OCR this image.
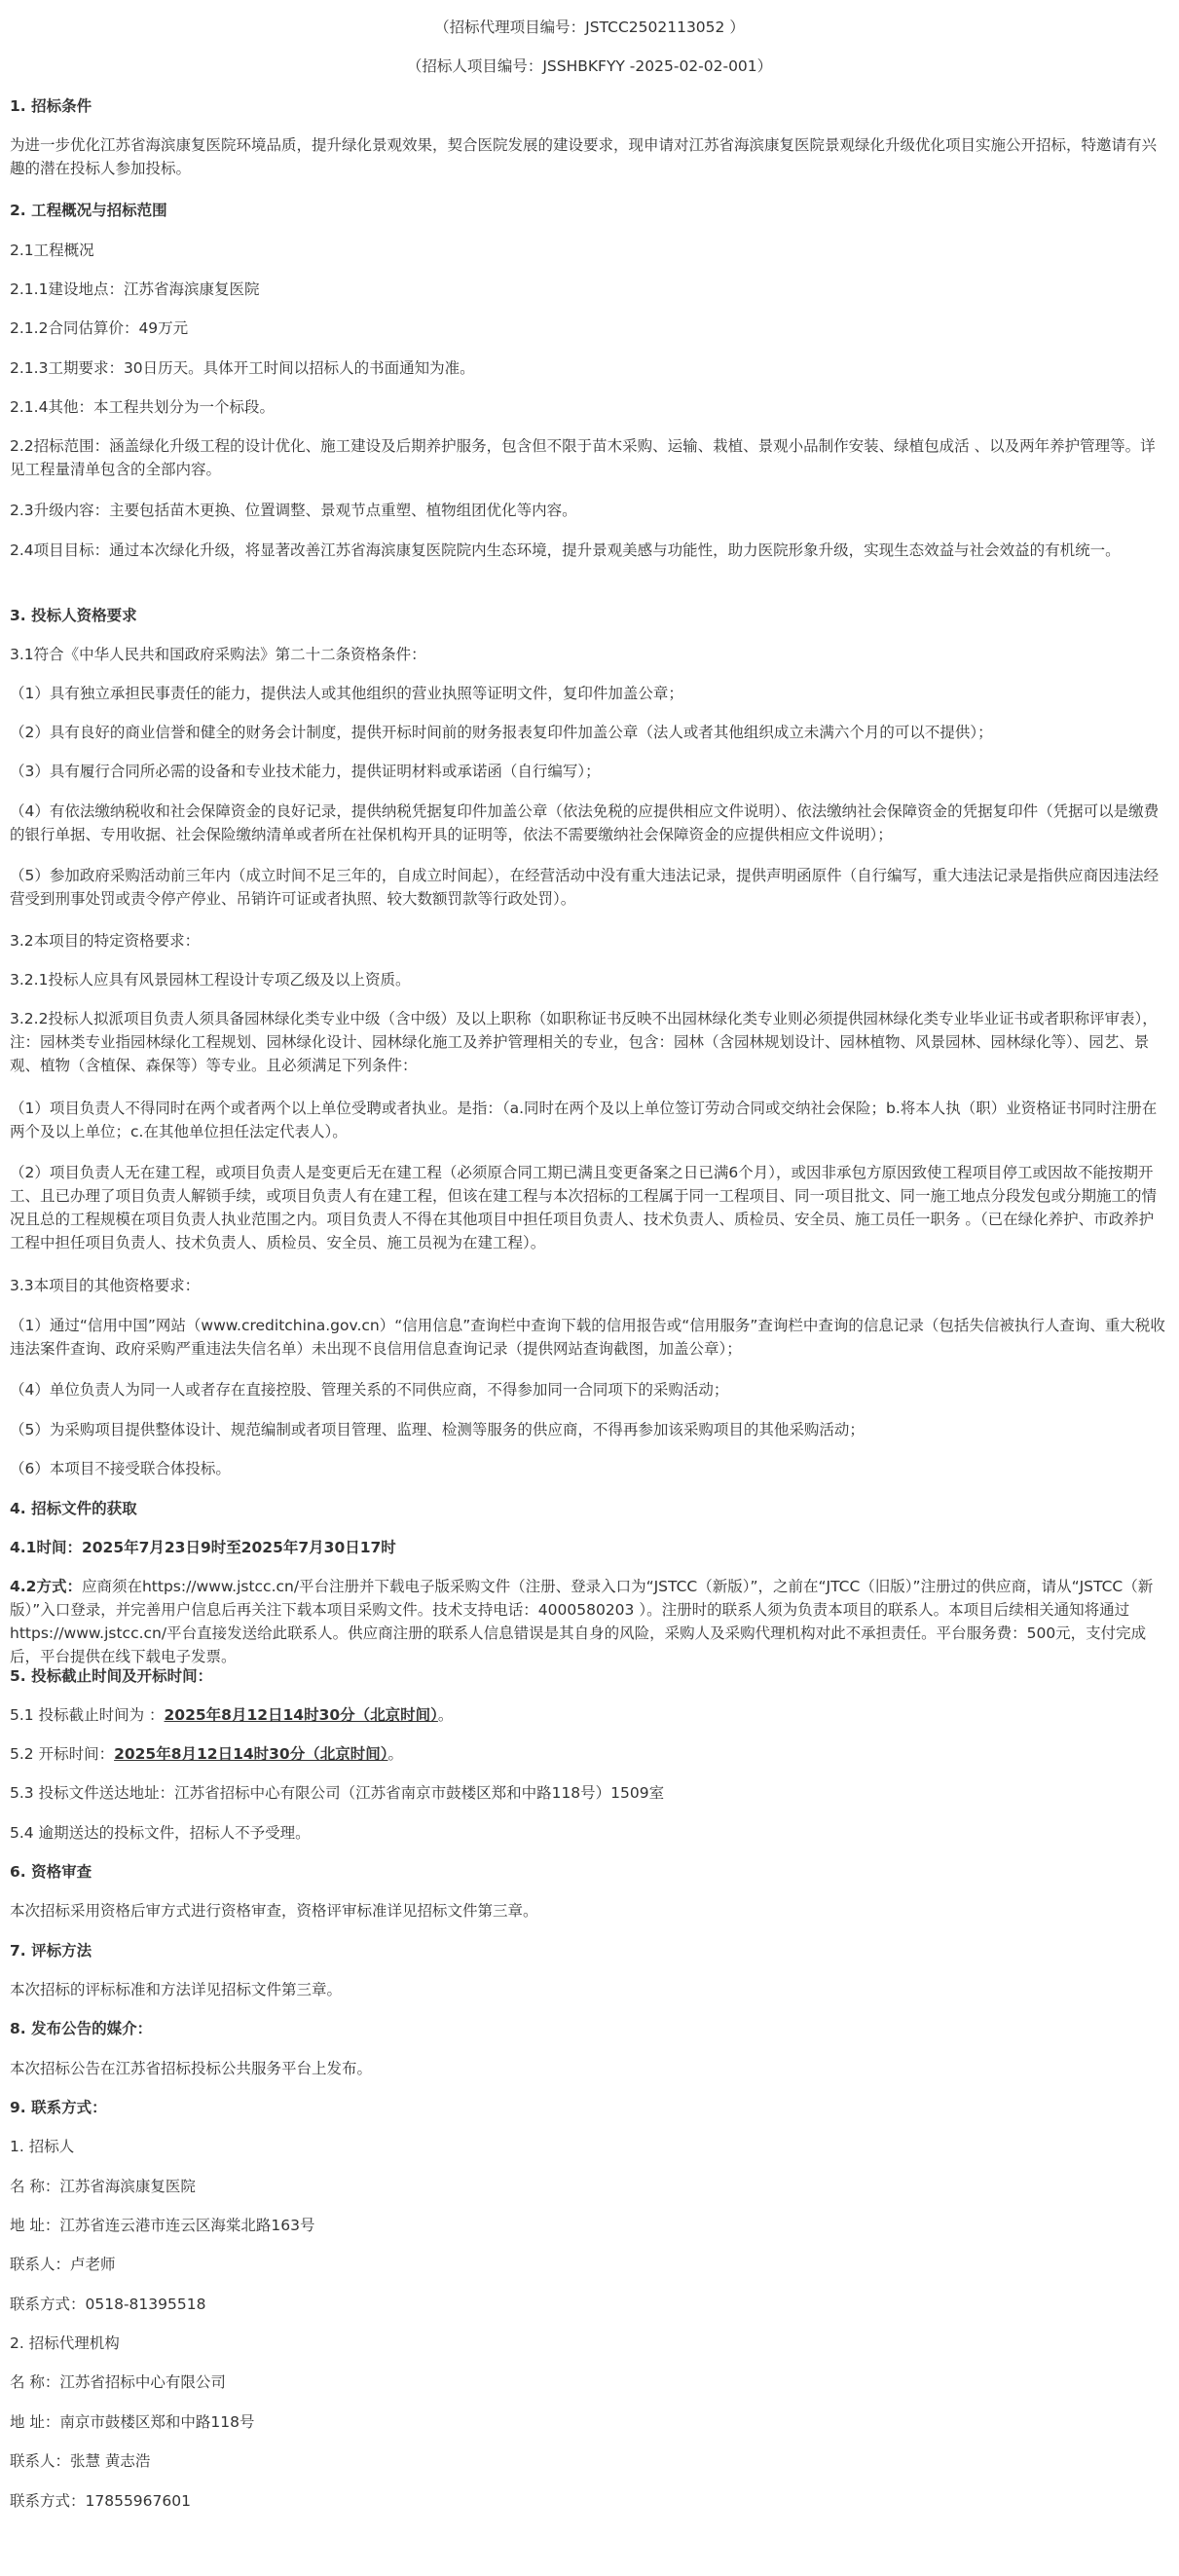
（招标代理项目编号：JSTCC2502113052 ）
（招标人项目编号：JSSHBKFYY -2025-02-02-001）
1. 招标条件
为进一步优化江苏省海滨康复医院环境品质，提升绿化景观效果，契合医院发展的建设要求，现申请对江苏省海滨康复医院景观绿化升级优化项目实施公开招标，特邀请有兴趣的潜在投标人参加投标。
2. 工程概况与招标范围
2.1工程概况
2.1.1建设地点：江苏省海滨康复医院
2.1.2合同估算价：49万元
2.1.3工期要求：30日历天。具体开工时间以招标人的书面通知为准。
2.1.4其他：本工程共划分为一个标段。
2.2招标范围：涵盖绿化升级工程的设计优化、施工建设及后期养护服务，包含但不限于苗木采购、运输、栽植、景观小品制作安装、绿植包成活 、以及两年养护管理等。详见工程量清单包含的全部内容。
2.3升级内容：主要包括苗木更换、位置调整、景观节点重塑、植物组团优化等内容。
2.4项目目标：通过本次绿化升级，将显著改善江苏省海滨康复医院院内生态环境，提升景观美感与功能性，助力医院形象升级，实现生态效益与社会效益的有机统一。
3. 投标人资格要求
3.1符合《中华人民共和国政府采购法》第二十二条资格条件：
（1）具有独立承担民事责任的能力，提供法人或其他组织的营业执照等证明文件，复印件加盖公章；
（2）具有良好的商业信誉和健全的财务会计制度，提供开标时间前的财务报表复印件加盖公章（法人或者其他组织成立未满六个月的可以不提供）；
（3）具有履行合同所必需的设备和专业技术能力，提供证明材料或承诺函（自行编写）；
（4）有依法缴纳税收和社会保障资金的良好记录，提供纳税凭据复印件加盖公章（依法免税的应提供相应文件说明）、依法缴纳社会保障资金的凭据复印件（凭据可以是缴费的银行单据、专用收据、社会保险缴纳清单或者所在社保机构开具的证明等，依法不需要缴纳社会保障资金的应提供相应文件说明）；
（5）参加政府采购活动前三年内（成立时间不足三年的，自成立时间起），在经营活动中没有重大违法记录，提供声明函原件（自行编写，重大违法记录是指供应商因违法经营受到刑事处罚或责令停产停业、吊销许可证或者执照、较大数额罚款等行政处罚）。
3.2本项目的特定资格要求：
3.2.1投标人应具有风景园林工程设计专项乙级及以上资质。
3.2.2投标人拟派项目负责人须具备园林绿化类专业中级（含中级）及以上职称（如职称证书反映不出园林绿化类专业则必须提供园林绿化类专业毕业证书或者职称评审表），注：园林类专业指园林绿化工程规划、园林绿化设计、园林绿化施工及养护管理相关的专业，包含：园林（含园林规划设计、园林植物、风景园林、园林绿化等）、园艺、景观、植物（含植保、森保等）等专业。且必须满足下列条件：
（1）项目负责人不得同时在两个或者两个以上单位受聘或者执业。是指：（a.同时在两个及以上单位签订劳动合同或交纳社会保险；b.将本人执（职）业资格证书同时注册在两个及以上单位；c.在其他单位担任法定代表人）。
（2）项目负责人无在建工程，或项目负责人是变更后无在建工程（必须原合同工期已满且变更备案之日已满6个月），或因非承包方原因致使工程项目停工或因故不能按期开工、且已办理了项目负责人解锁手续，或项目负责人有在建工程，但该在建工程与本次招标的工程属于同一工程项目、同一项目批文、同一施工地点分段发包或分期施工的情况且总的工程规模在项目负责人执业范围之内。项目负责人不得在其他项目中担任项目负责人、技术负责人、质检员、安全员、施工员任一职务 。（已在绿化养护、市政养护工程中担任项目负责人、技术负责人、质检员、安全员、施工员视为在建工程）。
3.3本项目的其他资格要求：
（1）通过“信用中国”网站（www.creditchina.gov.cn）“信用信息”查询栏中查询下载的信用报告或“信用服务”查询栏中查询的信息记录（包括失信被执行人查询、重大税收违法案件查询、政府采购严重违法失信名单）未出现不良信用信息查询记录（提供网站查询截图，加盖公章）；
（4）单位负责人为同一人或者存在直接控股、管理关系的不同供应商，不得参加同一合同项下的采购活动；
（5）为采购项目提供整体设计、规范编制或者项目管理、监理、检测等服务的供应商，不得再参加该采购项目的其他采购活动；
（6）本项目不接受联合体投标。
4. 招标文件的获取
4.1时间：2025年7月23日9时至2025年7月30日17时
4.2方式：应商须在https://www.jstcc.cn/平台注册并下载电子版采购文件（注册、登录入口为“JSTCC（新版）”，之前在“JTCC（旧版）”注册过的供应商，请从“JSTCC（新版）”入口登录，并完善用户信息后再关注下载本项目采购文件。技术支持电话：4000580203 ）。注册时的联系人须为负责本项目的联系人。本项目后续相关通知将通过https://www.jstcc.cn/平台直接发送给此联系人。供应商注册的联系人信息错误是其自身的风险，采购人及采购代理机构对此不承担责任。平台服务费：500元，支付完成后，平台提供在线下载电子发票。
5. 投标截止时间及开标时间：
5.1 投标截止时间为 ：2025年8月12日14时30分（北京时间）。
5.2 开标时间：2025年8月12日14时30分（北京时间）。
5.3 投标文件送达地址：江苏省招标中心有限公司（江苏省南京市鼓楼区郑和中路118号）1509室
5.4 逾期送达的投标文件，招标人不予受理。
6. 资格审查
本次招标采用资格后审方式进行资格审查，资格评审标准详见招标文件第三章。
7. 评标方法
本次招标的评标标准和方法详见招标文件第三章。
8. 发布公告的媒介：
本次招标公告在江苏省招标投标公共服务平台上发布。
9. 联系方式：
1. 招标人
名 称：江苏省海滨康复医院
地 址：江苏省连云港市连云区海棠北路163号
联系人：卢老师
联系方式：0518-81395518
2. 招标代理机构
名 称：江苏省招标中心有限公司
地 址：南京市鼓楼区郑和中路118号
联系人：张慧 黄志浩
联系方式：17855967601
